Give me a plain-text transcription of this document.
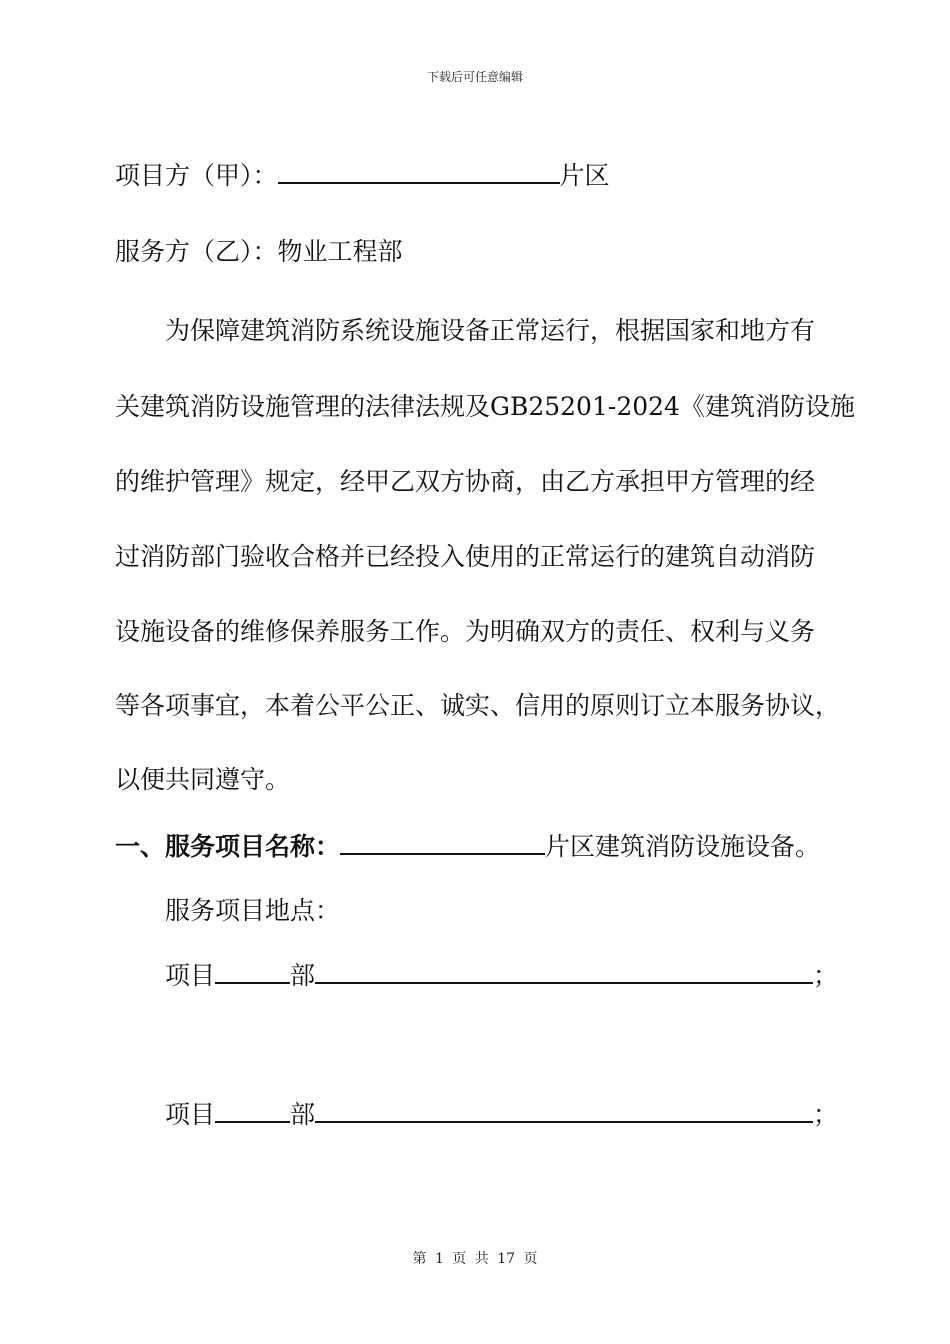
下载后可任意编辑
项目方（甲）：	片区
服务方（乙）：物业工程部
为保障建筑消防系统设施设备正常运行，根据国家和地方有
关建筑消防设施管理的法律法规及GB25201-2024《建筑消防设施
的维护管理》规定，经甲乙双方协商，由乙方承担甲方管理的经
过消防部门验收合格并已经投入使用的正常运行的建筑自动消防
设施设备的维修保养服务工作。为明确双方的责任、权利与义务
等各项事宜，本着公平公正、诚实、信用的原则订立本服务协议，
以便共同遵守。
一、服务项目名称：	片区建筑消防设施设备。
服务项目地点：
项目	部	；
项目	部	；
第 1 页 共 17 页
